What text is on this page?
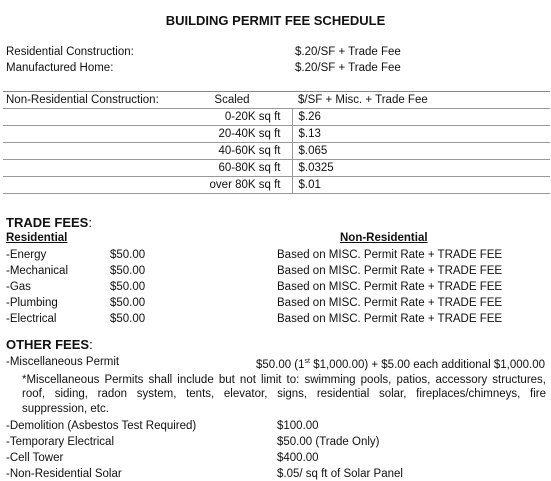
BUILDING PERMIT FEE SCHEDULE
Residential Construction:	$.20/SF + Trade Fee
Manufactured Home:	$.20/SF + Trade Fee
Non-Residential Construction:	Scaled	$/SF + Misc. + Trade Fee
	0-20K sq ft	$.26
	20-40K sq ft	$.13
	40-60K sq ft	$.065
	60-80K sq ft	$.0325
	over 80K sq ft	$.01
TRADE FEES:
Residential	Non-Residential
-Energy	$50.00	Based on MISC. Permit Rate + TRADE FEE
-Mechanical	$50.00	Based on MISC. Permit Rate + TRADE FEE
-Gas	$50.00	Based on MISC. Permit Rate + TRADE FEE
-Plumbing	$50.00	Based on MISC. Permit Rate + TRADE FEE
-Electrical	$50.00	Based on MISC. Permit Rate + TRADE FEE
OTHER FEES:
-Miscellaneous Permit	$50.00 (1st $1,000.00) + $5.00 each additional $1,000.00
*Miscellaneous Permits shall include but not limit to: swimming pools, patios, accessory structures, roof, siding, radon system, tents, elevator, signs, residential solar, fireplaces/chimneys, fire suppression, etc.
-Demolition (Asbestos Test Required)	$100.00
-Temporary Electrical	$50.00 (Trade Only)
-Cell Tower	$400.00
-Non-Residential Solar	$.05/ sq ft of Solar Panel
